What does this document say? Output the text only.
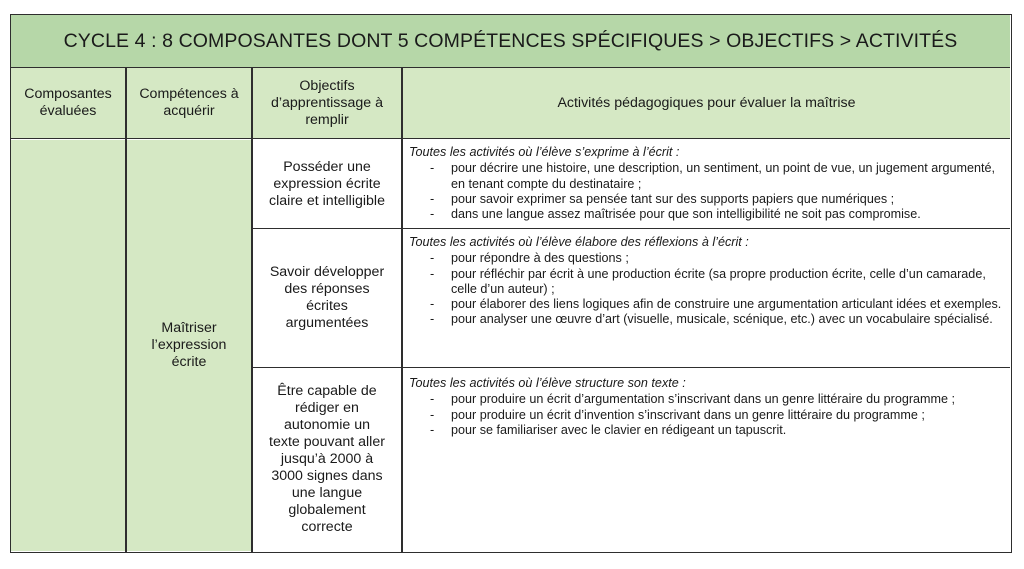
CYCLE 4 : 8 COMPOSANTES DONT 5 COMPÉTENCES SPÉCIFIQUES > OBJECTIFS > ACTIVITÉS
Composantes évaluées
Compétences à acquérir
Objectifs d’apprentissage à remplir
Activités pédagogiques pour évaluer la maîtrise
Maîtriser l’expression écrite
Posséder une expression écrite claire et intelligible
Toutes les activités où l’élève s’exprime à l’écrit :
- pour décrire une histoire, une description, un sentiment, un point de vue, un jugement argumenté, en tenant compte du destinataire ;
- pour savoir exprimer sa pensée tant sur des supports papiers que numériques ;
- dans une langue assez maîtrisée pour que son intelligibilité ne soit pas compromise.
Savoir développer des réponses écrites argumentées
Toutes les activités où l’élève élabore des réflexions à l’écrit :
- pour répondre à des questions ;
- pour réfléchir par écrit à une production écrite (sa propre production écrite, celle d’un camarade, celle d’un auteur) ;
- pour élaborer des liens logiques afin de construire une argumentation articulant idées et exemples.
- pour analyser une œuvre d’art (visuelle, musicale, scénique, etc.) avec un vocabulaire spécialisé.
Être capable de rédiger en autonomie un texte pouvant aller jusqu’à 2000 à 3000 signes dans une langue globalement correcte
Toutes les activités où l’élève structure son texte :
- pour produire un écrit d’argumentation s’inscrivant dans un genre littéraire du programme ;
- pour produire un écrit d’invention s’inscrivant dans un genre littéraire du programme ;
- pour se familiariser avec le clavier en rédigeant un tapuscrit.
